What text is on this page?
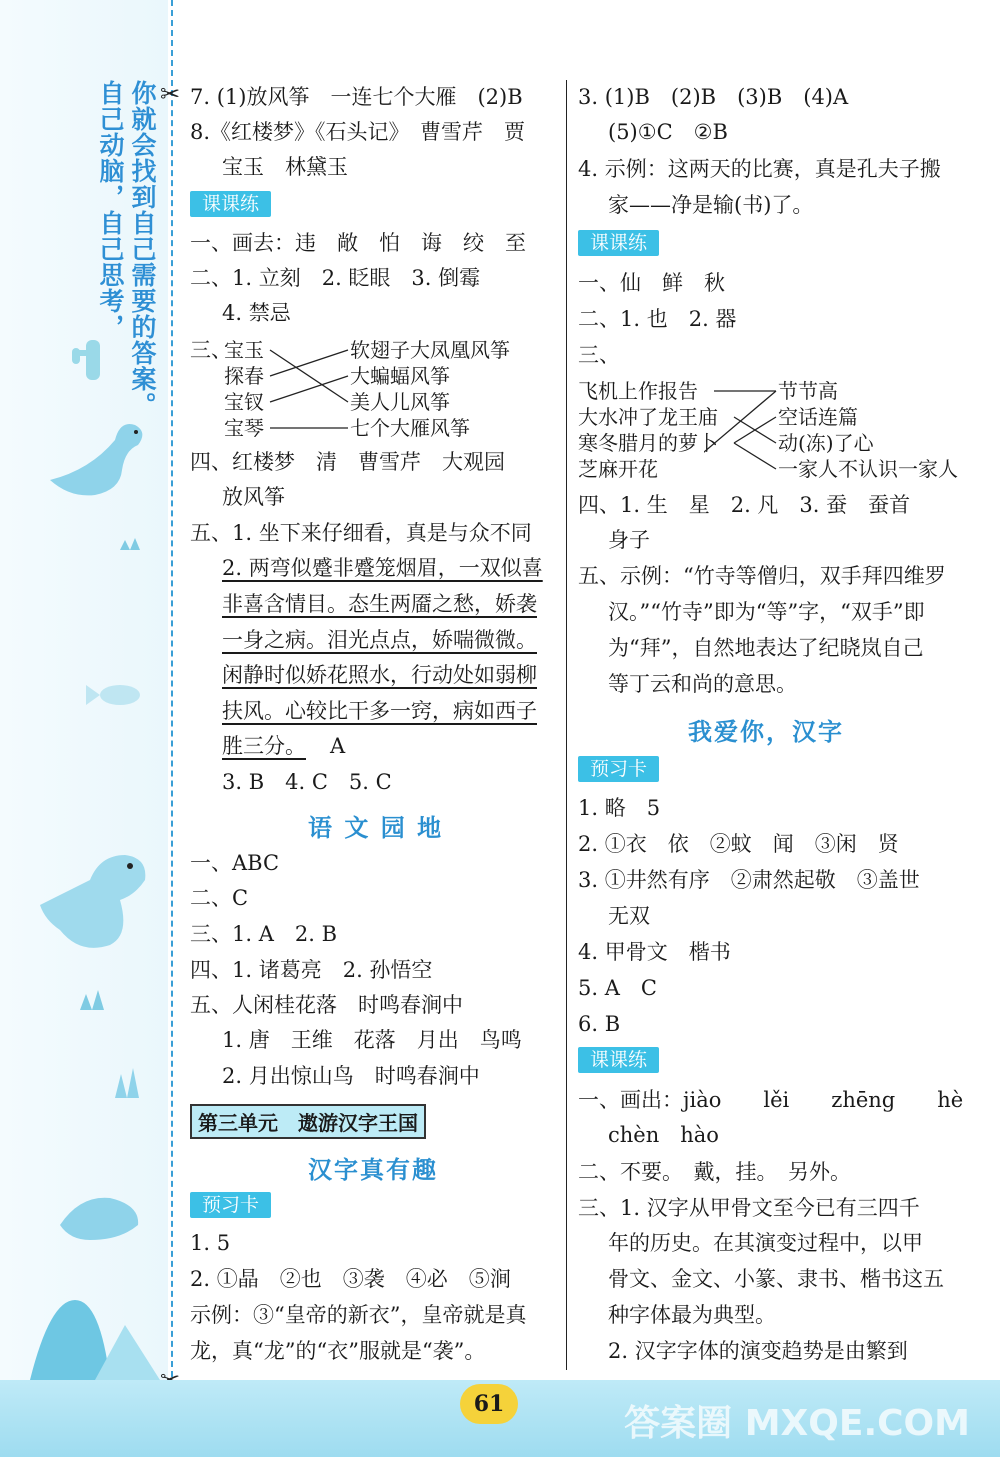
你就会找到自己需要的答案。
自己动脑，自己思考， ✂ 7. (1)放风筝　一连七个大雁　(2)B
8.《红楼梦》《石头记》　曹雪芹　贾
宝玉　林黛玉
课课练
一、画去：违　敞　怕　诲　绞　至
二、1. 立刻　2. 眨眼　3. 倒霉
4. 禁忌
三、
宝玉
探春
宝钗
宝琴
软翅子大凤凰风筝
大蝙蝠风筝
美人儿风筝
七个大雁风筝
四、红楼梦　清　曹雪芹　大观园
放风筝
五、1. 坐下来仔细看，真是与众不同
2. 两弯似蹙非蹙笼烟眉，一双似喜
非喜含情目。态生两靥之愁，娇袭
一身之病。泪光点点，娇喘微微。
闲静时似娇花照水，行动处如弱柳
扶风。心较比干多一窍，病如西子
胜三分。 A
3. B　4. C　5. C
语 文 园 地
一、ABC
二、C
三、1. A　2. B
四、1. 诸葛亮　2. 孙悟空
五、人闲桂花落　时鸣春涧中
1. 唐　王维　花落　月出　鸟鸣
2. 月出惊山鸟　时鸣春涧中
第三单元　遨游汉字王国
汉字真有趣
预习卡
1. 5
2. ①晶　②也　③袭　④必　⑤涧
示例：③“皇帝的新衣”，皇帝就是真
龙，真“龙”的“衣”服就是“袭”。
3. (1)B　(2)B　(3)B　(4)A
(5)①C　②B
4. 示例：这两天的比赛，真是孔夫子搬
家——净是输(书)了。
课课练
一、仙　鲜　秋
二、1. 也　2. 器
三、
飞机上作报告
大水冲了龙王庙
寒冬腊月的萝卜
芝麻开花
节节高
空话连篇
动(冻)了心
一家人不认识一家人
四、1. 生　星　2. 凡　3. 蚕　蚕首
身子
五、示例：“竹寺等僧归，双手拜四维罗
汉。”“竹寺”即为“等”字，“双手”即
为“拜”，自然地表达了纪晓岚自己
等丁云和尚的意思。
我爱你，汉字
预习卡
1. 略　5
2. ①衣　依　②蚊　闻　③闲　贤
3. ①井然有序　②肃然起敬　③盖世
无双
4. 甲骨文　楷书
5. A　C
6. B
课课练
一、画出：jiào　　lěi　　zhēng　　hè
chèn　hào
二、不要。　戴，挂。　另外。
三、1. 汉字从甲骨文至今已有三四千
年的历史。在其演变过程中，以甲
骨文、金文、小篆、隶书、楷书这五
种字体最为典型。
2. 汉字字体的演变趋势是由繁到
61	答案圈 MXQE.COM
